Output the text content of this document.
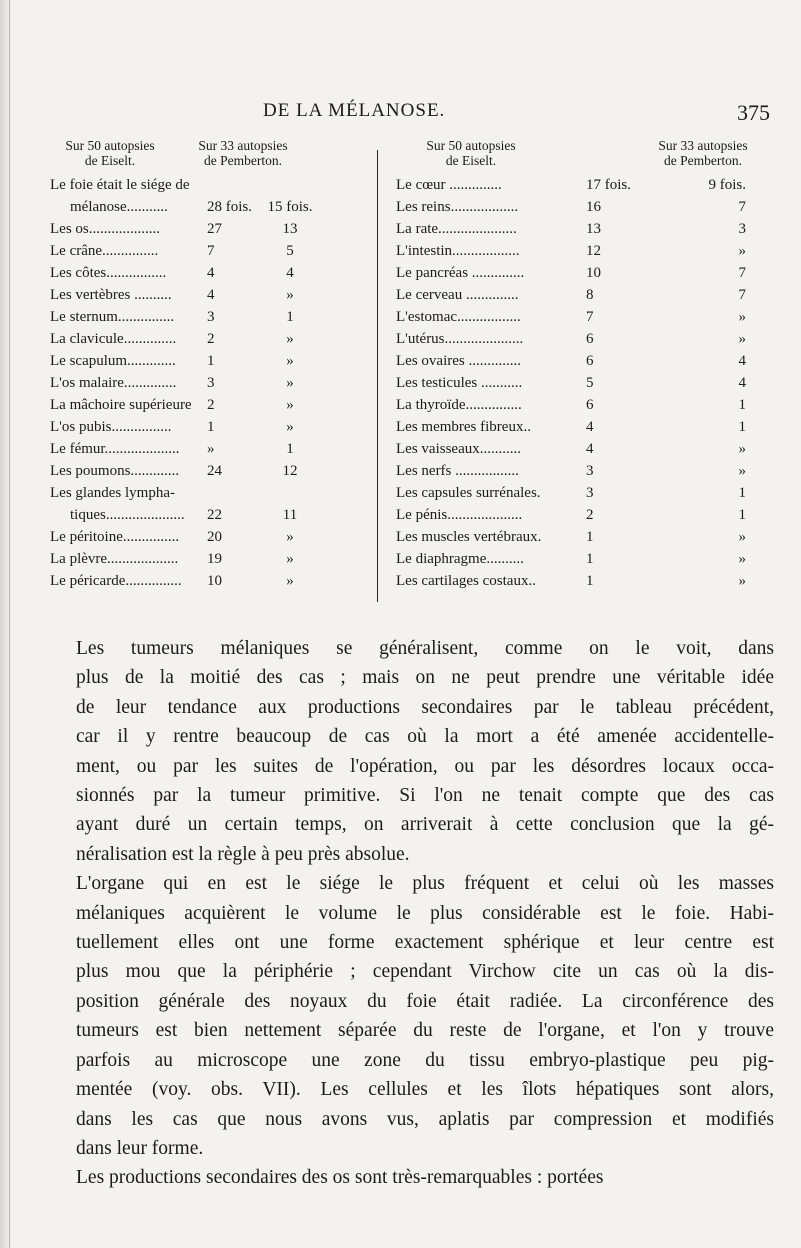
DE LA MÉLANOSE.	375
Sur 50 autopsies
de Eiselt.
Sur 33 autopsies
de Pemberton.
Le foie était le siége de
mélanose...........	28 fois. 15 fois.
Les os...................	27	13
Le crâne...............	7	5
Les côtes................	4	4
Les vertèbres .......... 4	»
Le sternum............... 3	1
La clavicule.............. 2	»
Le scapulum............. 1	»
L'os malaire.............. 3	»
La mâchoire supérieure 2	»
L'os pubis................ 1	»
Le fémur.................... »	1
Les poumons............. 24	12
Les glandes lympha-
tiques..................... 22	11
Le péritoine............... 20	»
La plèvre................... 19	»
Le péricarde............... 10	»
Sur 50 autopsies
de Eiselt.
Sur 33 autopsies
de Pemberton.
Le cœur ..............	17 fois.	9 fois.
Les reins..................	16	7
La rate.....................	13	3
L'intestin..................	12	»
Le pancréas ..............	10	7
Le cerveau ..............	8	7
L'estomac.................	7	»
L'utérus.....................	6	»
Les ovaires ..............	6	4
Les testicules ...........	5	4
La thyroïde...............	6	1
Les membres fibreux..	4	1
Les vaisseaux...........	4	»
Les nerfs .................	3	»
Les capsules surrénales.	3	1
Le pénis....................	2	1
Les muscles vertébraux.	1	»
Le diaphragme..........	1	»
Les cartilages costaux..	1	»

Les tumeurs mélaniques se généralisent, comme on le voit, dans
plus de la moitié des cas ; mais on ne peut prendre une véritable idée
de leur tendance aux productions secondaires par le tableau précédent,
car il y rentre beaucoup de cas où la mort a été amenée accidentelle-
ment, ou par les suites de l'opération, ou par les désordres locaux occa-
sionnés par la tumeur primitive. Si l'on ne tenait compte que des cas
ayant duré un certain temps, on arriverait à cette conclusion que la gé-
néralisation est la règle à peu près absolue.

L'organe qui en est le siége le plus fréquent et celui où les masses
mélaniques acquièrent le volume le plus considérable est le foie. Habi-
tuellement elles ont une forme exactement sphérique et leur centre est
plus mou que la périphérie ; cependant Virchow cite un cas où la dis-
position générale des noyaux du foie était radiée. La circonférence des
tumeurs est bien nettement séparée du reste de l'organe, et l'on y trouve
parfois au microscope une zone du tissu embryo-plastique peu pig-
mentée (voy. obs. VII). Les cellules et les îlots hépatiques sont alors,
dans les cas que nous avons vus, aplatis par compression et modifiés
dans leur forme.

Les productions secondaires des os sont très-remarquables : portées
